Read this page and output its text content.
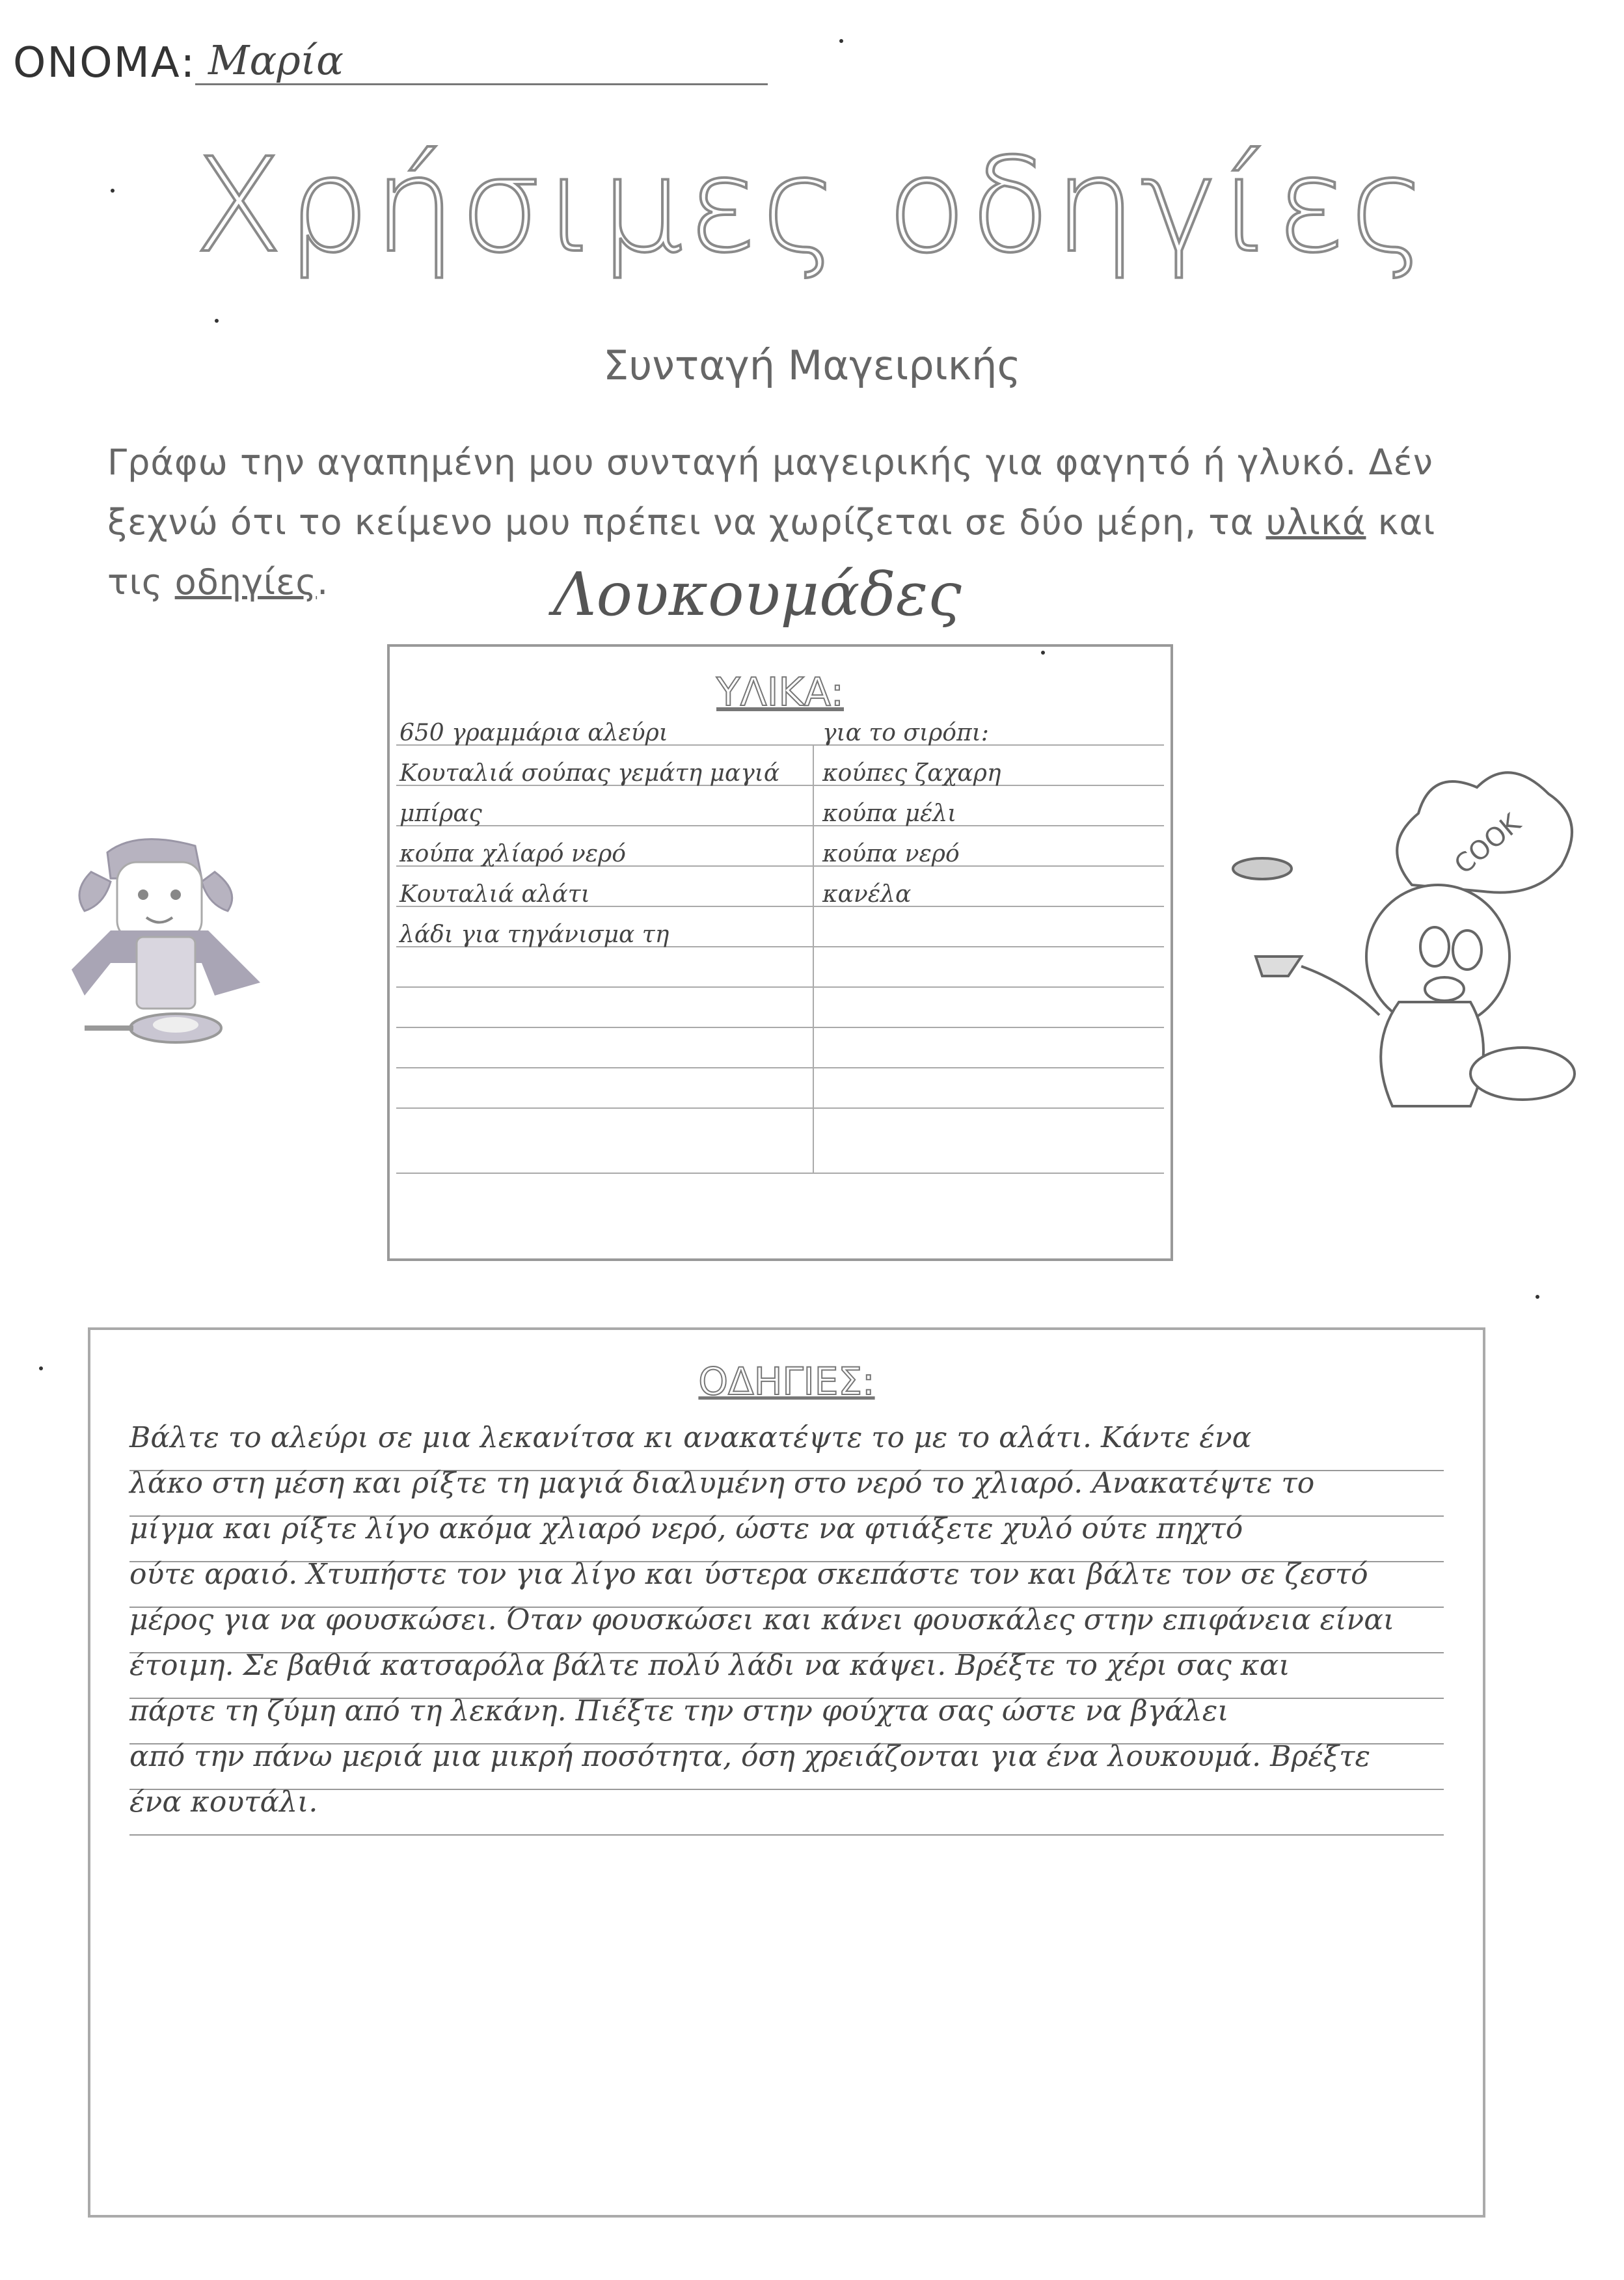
ΟΝΟΜΑ: Μαρία
Χρήσιμες οδηγίες
Συνταγή Μαγειρικής
Γράφω την αγαπημένη μου συνταγή μαγειρικής για φαγητό ή γλυκό. Δέν ξεχνώ ότι το κείμενο μου πρέπει να χωρίζεται σε δύο μέρη, τα υλικά και τις οδηγίες.	Λουκουμάδες
ΥΛΙΚΑ:
650 γραμμάρια αλεύρι
Κουταλιά σούπας γεμάτη μαγιά
μπίρας
κούπα χλίαρό νερό
Κουταλιά αλάτι
λάδι για τηγάνισμα τη
για το σιρόπι:
κούπες ζαχαρη
κούπα μέλι
κούπα νερό
κανέλα
COOK
ΟΔΗΓΙΕΣ:
Βάλτε το αλεύρι σε μια λεκανίτσα κι ανακατέψτε το με το αλάτι. Κάντε ένα
λάκο στη μέση και ρίξτε τη μαγιά διαλυμένη στο νερό το χλιαρό. Ανακατέψτε το
μίγμα και ρίξτε λίγο ακόμα χλιαρό νερό, ώστε να φτιάξετε χυλό ούτε πηχτό
ούτε αραιό. Χτυπήστε τον για λίγο και ύστερα σκεπάστε τον και βάλτε τον σε ζεστό
μέρος για να φουσκώσει. Όταν φουσκώσει και κάνει φουσκάλες στην επιφάνεια είναι
έτοιμη. Σε βαθιά κατσαρόλα βάλτε πολύ λάδι να κάψει. Βρέξτε το χέρι σας και
πάρτε τη ζύμη από τη λεκάνη. Πιέξτε την στην φούχτα σας ώστε να βγάλει
από την πάνω μεριά μια μικρή ποσότητα, όση χρειάζονται για ένα λουκουμά. Βρέξτε
ένα κουτάλι.
